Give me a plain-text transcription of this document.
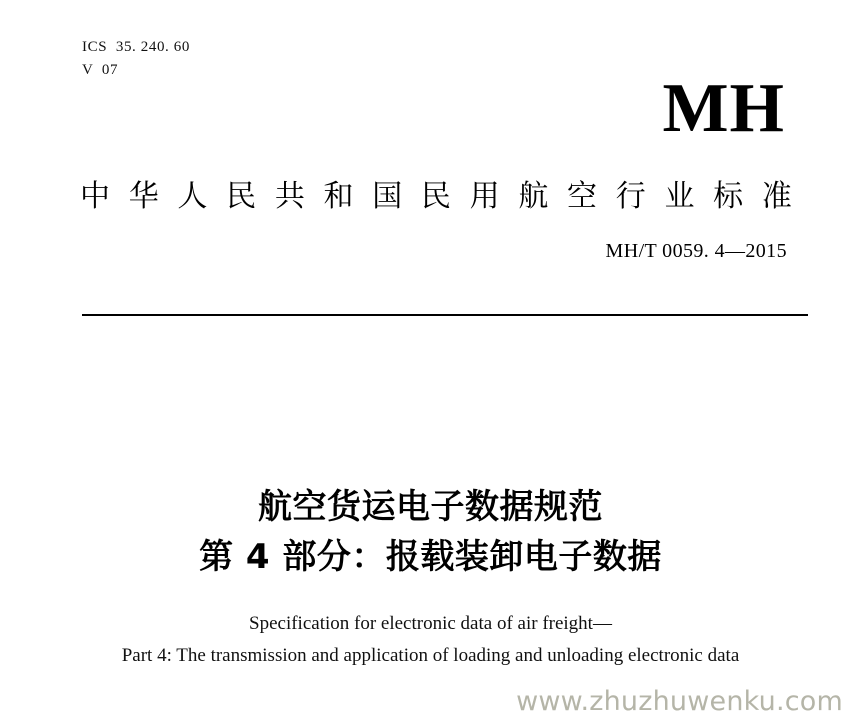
ICS  35. 240. 60
V  07	MH
中 华 人 民 共 和 国 民 用 航 空 行 业 标 准
MH/T 0059. 4—2015
航空货运电子数据规范
第 4 部分：报载装卸电子数据
Specification for electronic data of air freight—
Part 4: The transmission and application of loading and unloading electronic data
www.zhuzhuwenku.com
